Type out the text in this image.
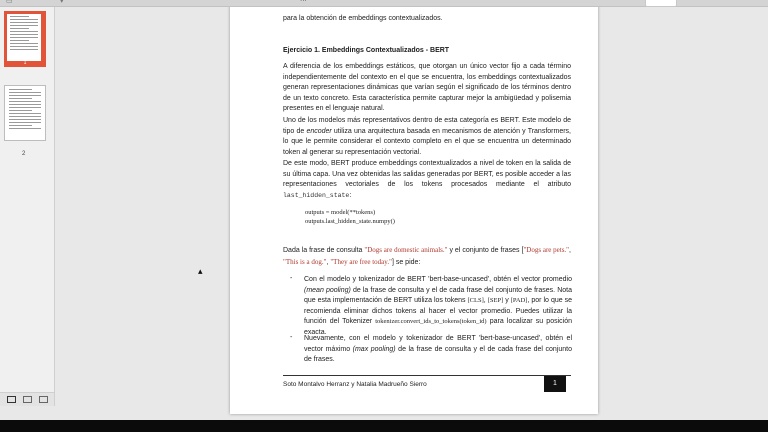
▭	▾
1
2
para la obtención de embeddings contextualizados.
Ejercicio 1. Embeddings Contextualizados - BERT
A diferencia de los embeddings estáticos, que otorgan un único vector fijo a cada término independientemente del contexto en el que se encuentra, los embeddings contextualizados generan representaciones dinámicas que varían según el significado de los términos dentro de un texto concreto. Esta característica permite capturar mejor la ambigüedad y polisemia presentes en el lenguaje natural.
Uno de los modelos más representativos dentro de esta categoría es BERT. Este modelo de tipo de encoder utiliza una arquitectura basada en mecanismos de atención y Transformers, lo que le permite considerar el contexto completo en el que se encuentra un determinado token al generar su representación vectorial.
De este modo, BERT produce embeddings contextualizados a nivel de token en la salida de su última capa. Una vez obtenidas las salidas generadas por BERT, es posible acceder a las representaciones vectoriales de los tokens procesados mediante el atributo last_hidden_state:
outputs = model(**tokens)
outputs.last_hidden_state.numpy()
Dada la frase de consulta "Dogs are domestic animals." y el conjunto de frases ["Dogs are pets.", "This is a dog.", "They are free today."] se pide:
- Con el modelo y tokenizador de BERT 'bert-base-uncased', obtén el vector promedio (mean pooling) de la frase de consulta y el de cada frase del conjunto de frases. Nota que esta implementación de BERT utiliza los tokens [CLS], [SEP] y [PAD], por lo que se recomienda eliminar dichos tokens al hacer el vector promedio. Puedes utilizar la función del Tokenizer tokenizer.convert_ids_to_tokens(token_id) para localizar su posición exacta.
- Nuevamente, con el modelo y tokenizador de BERT 'bert-base-uncased', obtén el vector máximo (max pooling) de la frase de consulta y el de cada frase del conjunto de frases.
Soto Montalvo Herranz y Natalia Madrueño Sierro	1
▴
